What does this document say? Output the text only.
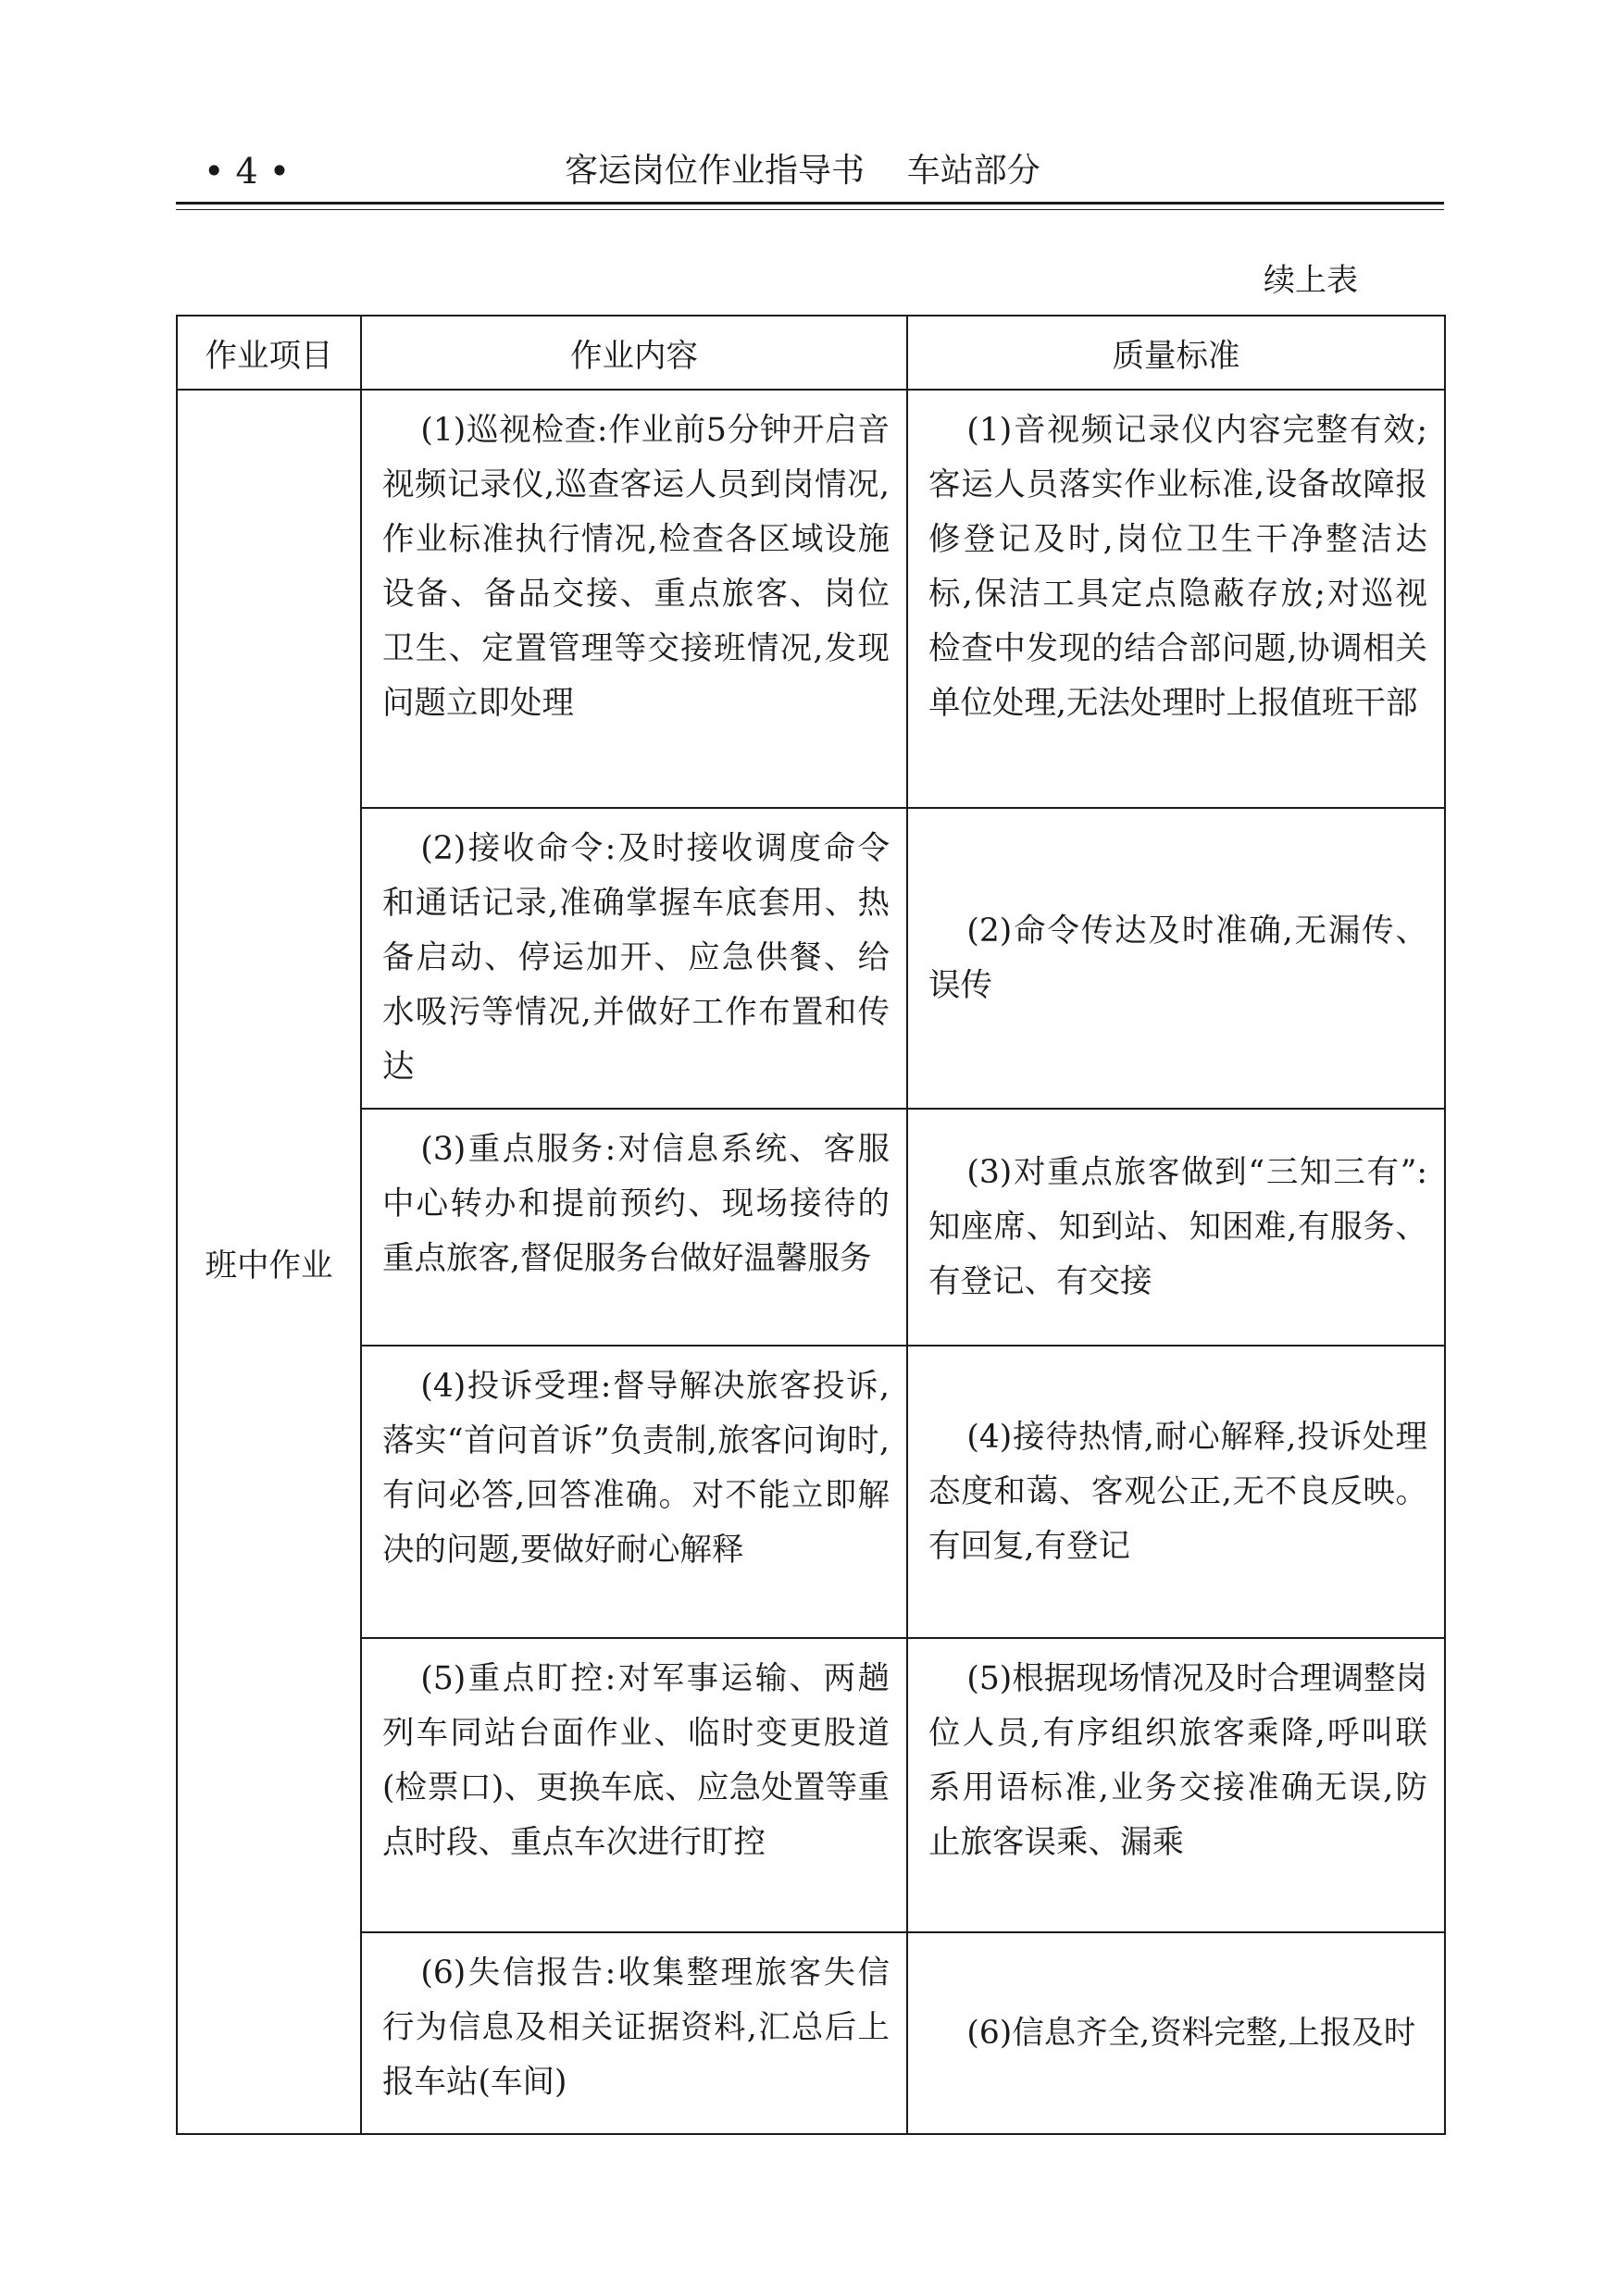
• 4 •	客运岗位作业指导书    车站部分
续上表
作业项目	作业内容	质量标准
班中作业	(1)巡视检查:作业前5分钟开启音视频记录仪,巡查客运人员到岗情况,作业标准执行情况,检查各区域设施设备、备品交接、重点旅客、岗位卫生、定置管理等交接班情况,发现问题立即处理	(1)音视频记录仪内容完整有效;客运人员落实作业标准,设备故障报修登记及时,岗位卫生干净整洁达标,保洁工具定点隐蔽存放;对巡视检查中发现的结合部问题,协调相关单位处理,无法处理时上报值班干部

	(2)接收命令:及时接收调度命令和通话记录,准确掌握车底套用、热备启动、停运加开、应急供餐、给水吸污等情况,并做好工作布置和传达	(2)命令传达及时准确,无漏传、误传

	(3)重点服务:对信息系统、客服中心转办和提前预约、现场接待的重点旅客,督促服务台做好温馨服务	(3)对重点旅客做到“三知三有”:知座席、知到站、知困难,有服务、有登记、有交接

	(4)投诉受理:督导解决旅客投诉,落实“首问首诉”负责制,旅客问询时,有问必答,回答准确。对不能立即解决的问题,要做好耐心解释	(4)接待热情,耐心解释,投诉处理态度和蔼、客观公正,无不良反映。有回复,有登记

	(5)重点盯控:对军事运输、两趟列车同站台面作业、临时变更股道(检票口)、更换车底、应急处置等重点时段、重点车次进行盯控	(5)根据现场情况及时合理调整岗位人员,有序组织旅客乘降,呼叫联系用语标准,业务交接准确无误,防止旅客误乘、漏乘

	(6)失信报告:收集整理旅客失信行为信息及相关证据资料,汇总后上报车站(车间)	(6)信息齐全,资料完整,上报及时
